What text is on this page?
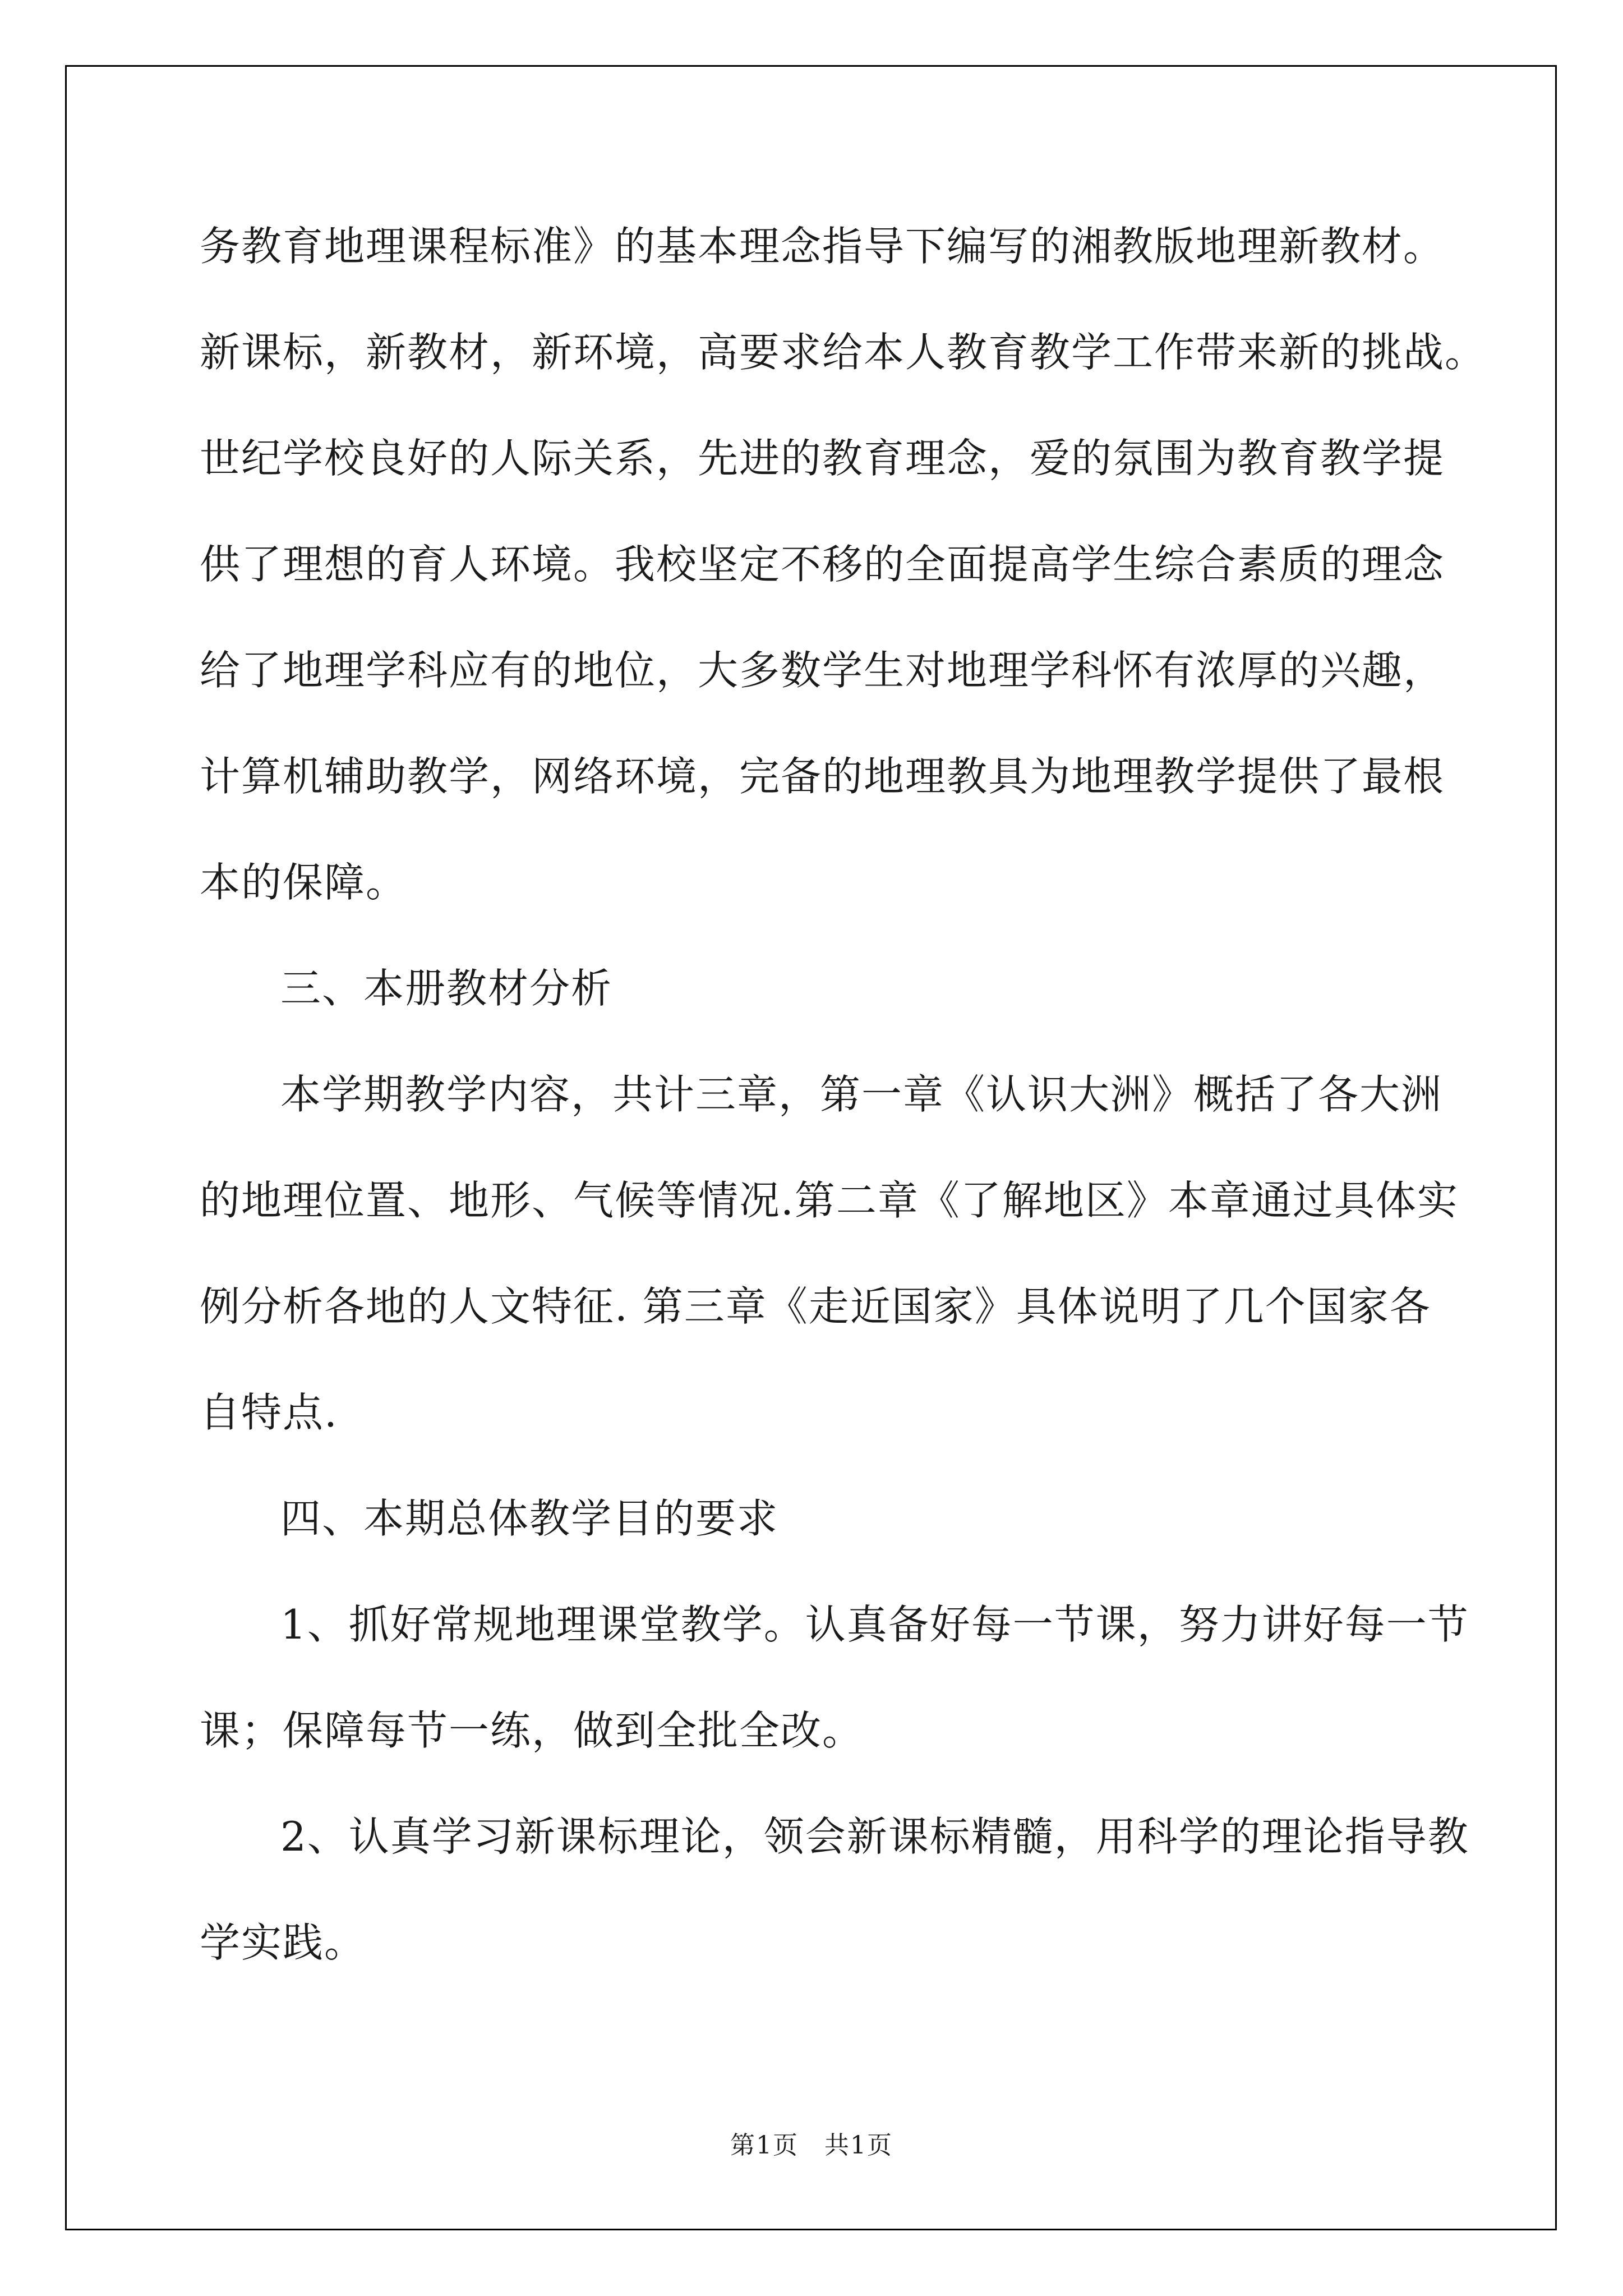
务教育地理课程标准》的基本理念指导下编写的湘教版地理新教材。
新课标，新教材，新环境，高要求给本人教育教学工作带来新的挑战。
世纪学校良好的人际关系，先进的教育理念，爱的氛围为教育教学提
供了理想的育人环境。我校坚定不移的全面提高学生综合素质的理念
给了地理学科应有的地位，大多数学生对地理学科怀有浓厚的兴趣，
计算机辅助教学，网络环境，完备的地理教具为地理教学提供了最根
本的保障。
三、本册教材分析
本学期教学内容，共计三章，第一章《认识大洲》概括了各大洲
的地理位置、地形、气候等情况.第二章《了解地区》本章通过具体实
例分析各地的人文特征. 第三章《走近国家》具体说明了几个国家各
自特点.
四、本期总体教学目的要求
1、抓好常规地理课堂教学。认真备好每一节课，努力讲好每一节
课；保障每节一练，做到全批全改。
2、认真学习新课标理论，领会新课标精髓，用科学的理论指导教
学实践。
第1页　共1页
